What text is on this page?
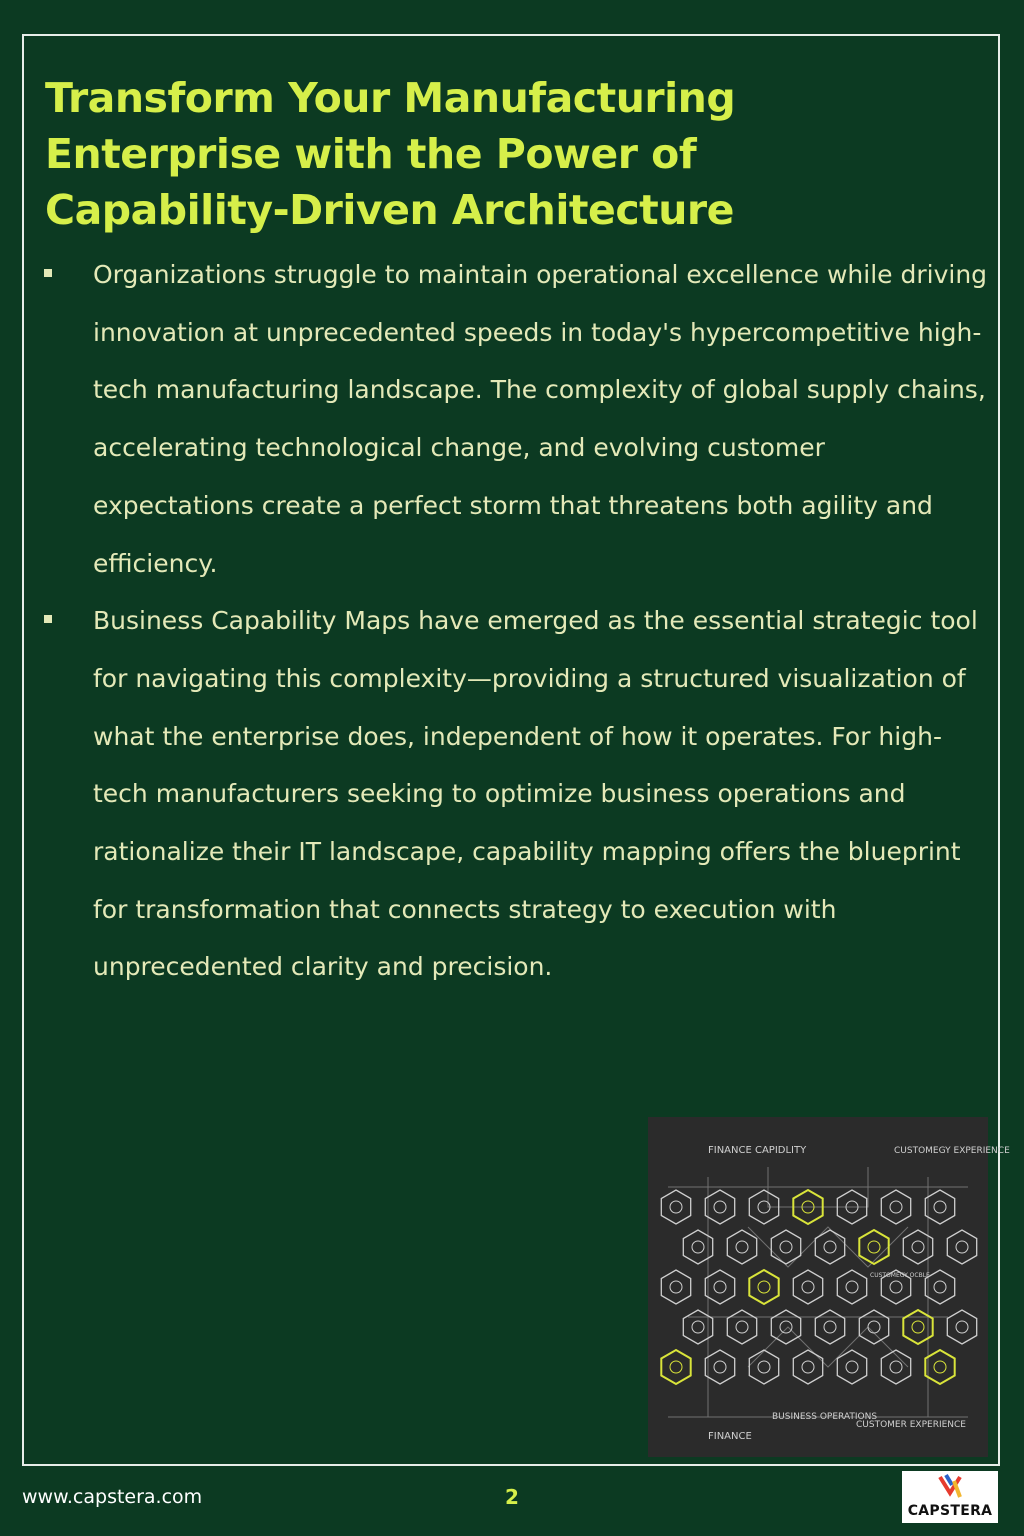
Transform Your Manufacturing Enterprise with the Power of Capability-Driven Architecture
Organizations struggle to maintain operational excellence while driving innovation at unprecedented speeds in today's hypercompetitive high-tech manufacturing landscape. The complexity of global supply chains, accelerating technological change, and evolving customer expectations create a perfect storm that threatens both agility and efficiency.
Business Capability Maps have emerged as the essential strategic tool for navigating this complexity—providing a structured visualization of what the enterprise does, independent of how it operates. For high-tech manufacturers seeking to optimize business operations and rationalize their IT landscape, capability mapping offers the blueprint for transformation that connects strategy to execution with unprecedented clarity and precision.
FINANCE CAPIDLITY	CUSTOMEGY EXPERIENCE
CUSTOMEGY OCBLE
FINANCE
BUSINESS OPERATIONS
CUSTOMER EXPERIENCE
www.capstera.com	2
CAPSTERA
